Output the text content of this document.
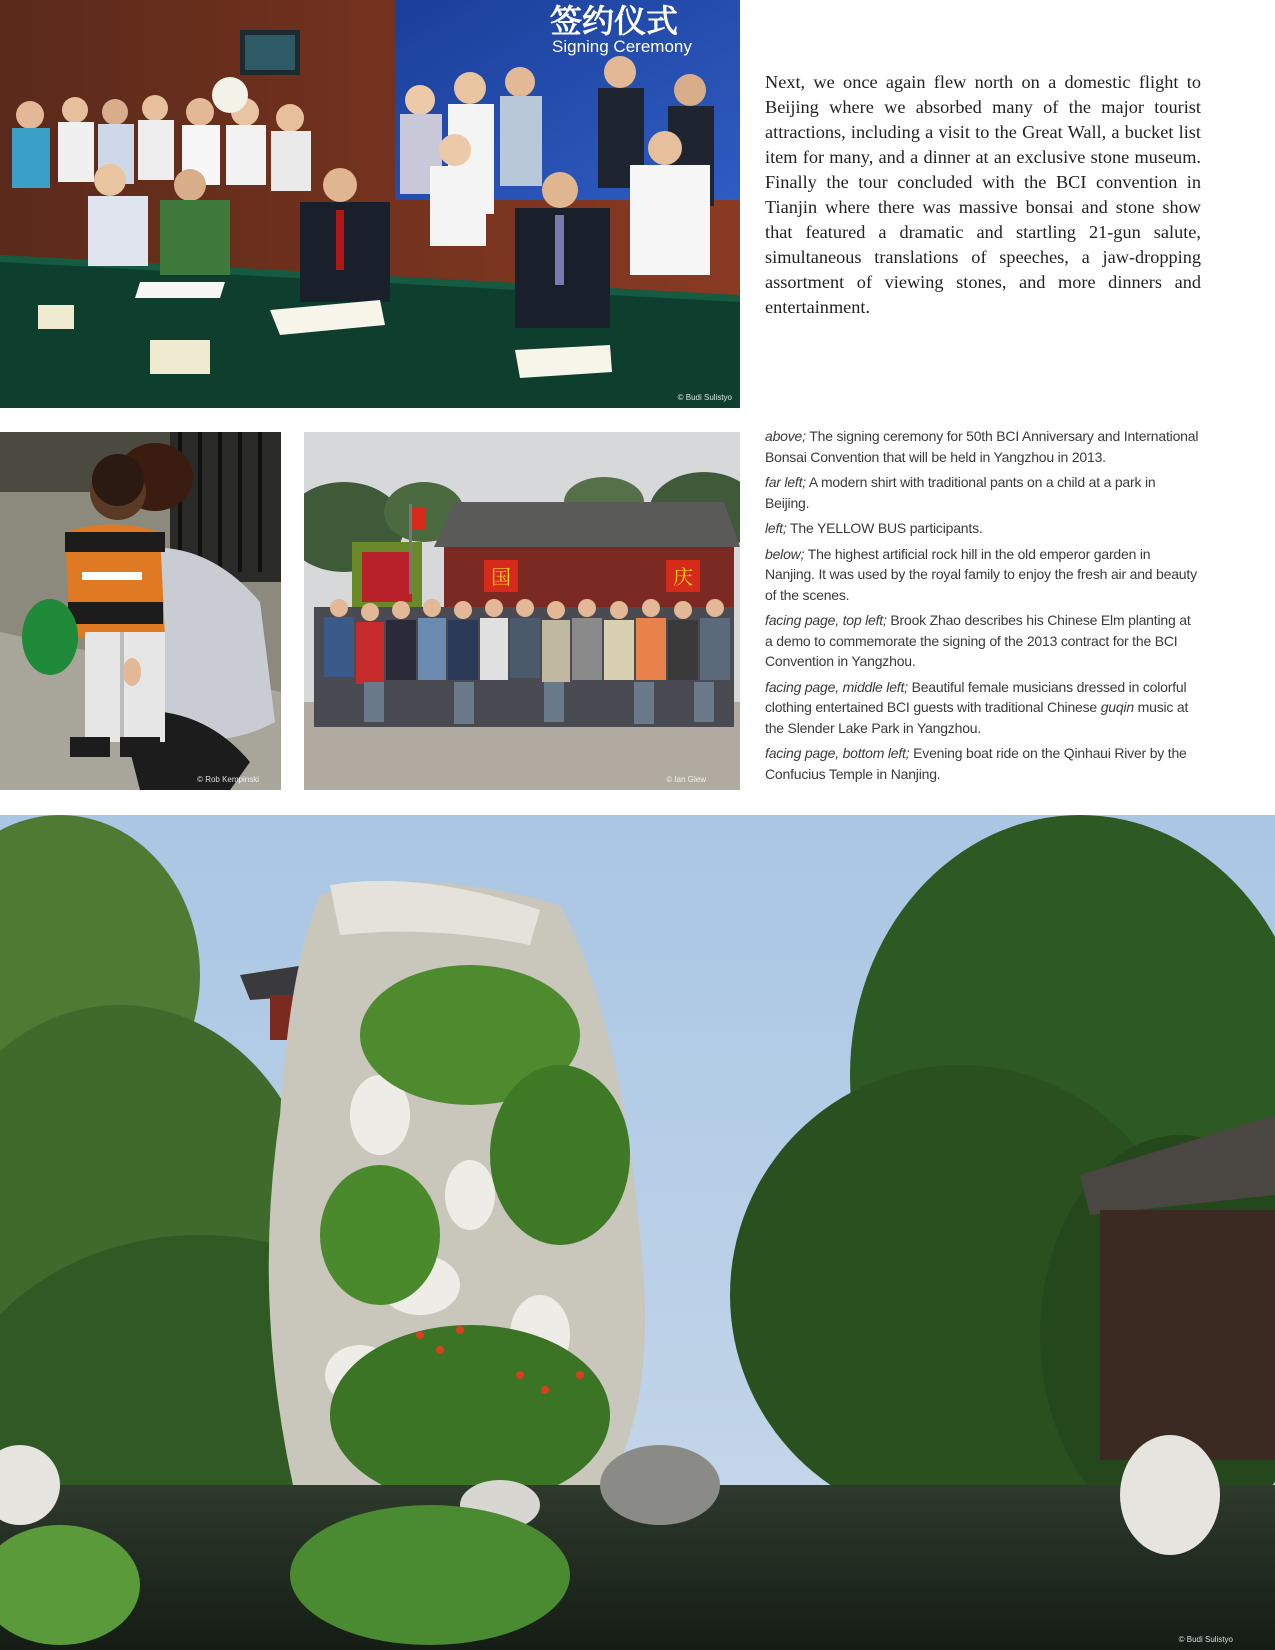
签约仪式
Signing Ceremony
© Budi Sulistyo

Next, we once again flew north on a domestic flight to Beijing where we absorbed many of the major tourist attractions, including a visit to the Great Wall, a bucket list item for many, and a dinner at an exclusive stone museum. Finally the tour concluded with the BCI convention in Tianjin where there was massive bonsai and stone show that featured a dramatic and startling 21-gun salute, simultaneous translations of speeches, a jaw-dropping assortment of viewing stones, and more dinners and entertainment.

© Rob Kempinski
国	庆
© Ian Glew

above; The signing ceremony for 50th BCI Anniversary and International Bonsai Convention that will be held in Yangzhou in 2013.

far left; A modern shirt with traditional pants on a child at a park in Beijing.

left; The YELLOW BUS participants.

below; The highest artificial rock hill in the old emperor garden in Nanjing. It was used by the royal family to enjoy the fresh air and beauty of the scenes.

facing page, top left; Brook Zhao describes his Chinese Elm planting at a demo to commemorate the signing of the 2013 contract for the BCI Convention in Yangzhou.

facing page, middle left; Beautiful female musicians dressed in colorful clothing entertained BCI guests with traditional Chinese guqin music at the Slender Lake Park in Yangzhou.

facing page, bottom left; Evening boat ride on the Qinhaui River by the Confucius Temple in Nanjing.

© Budi Sulistyo
